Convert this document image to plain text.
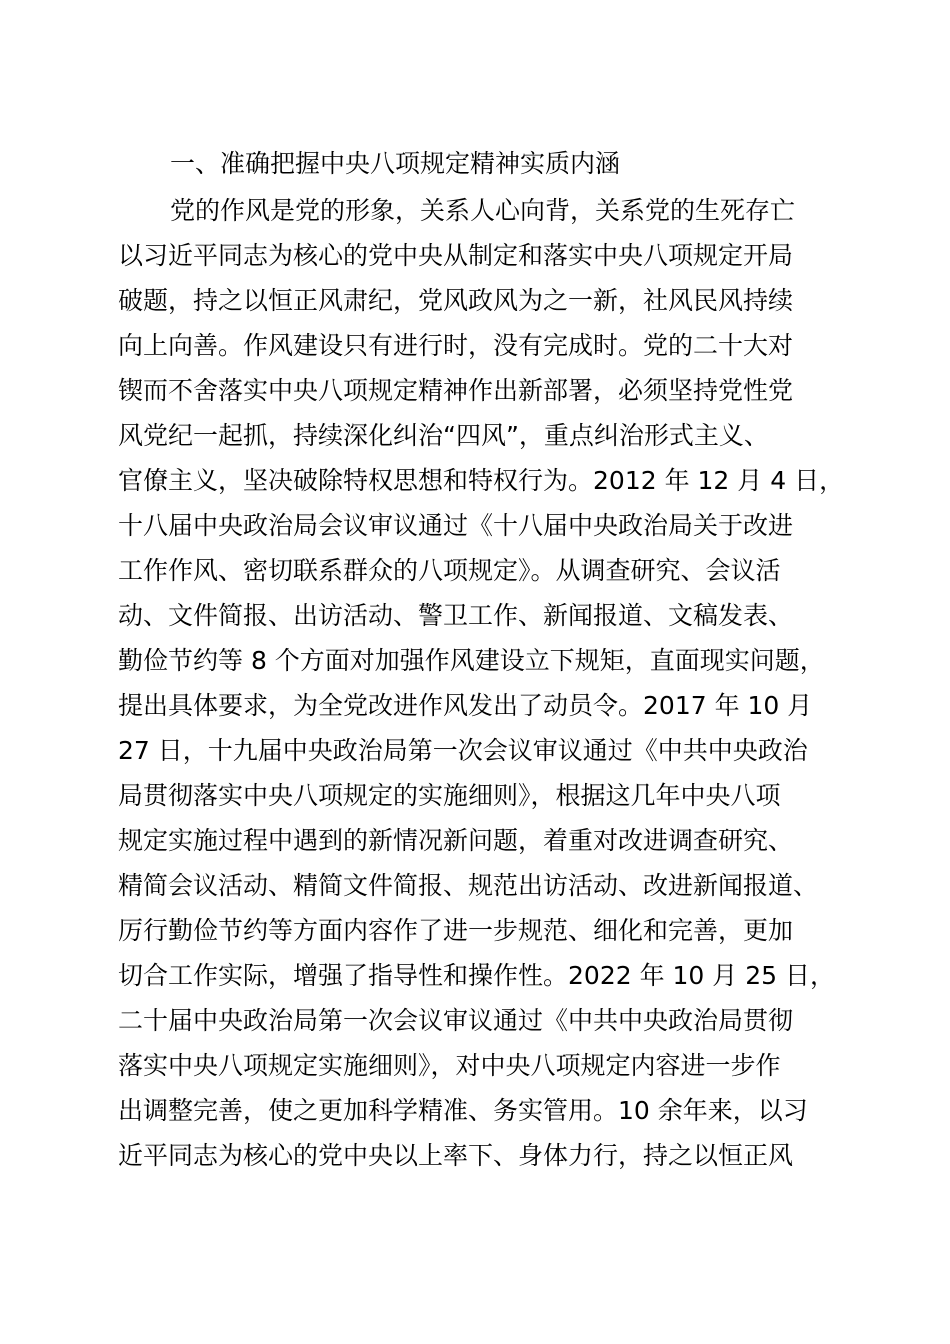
一、准确把握中央八项规定精神实质内涵
党的作风是党的形象，关系人心向背，关系党的生死存亡
以习近平同志为核心的党中央从制定和落实中央八项规定开局
破题，持之以恒正风肃纪，党风政风为之一新，社风民风持续
向上向善。作风建设只有进行时，没有完成时。党的二十大对
锲而不舍落实中央八项规定精神作出新部署，必须坚持党性党
风党纪一起抓，持续深化纠治“四风”，重点纠治形式主义、
官僚主义，坚决破除特权思想和特权行为。2012 年 12 月 4 日，
十八届中央政治局会议审议通过《十八届中央政治局关于改进
工作作风、密切联系群众的八项规定》。从调查研究、会议活
动、文件简报、出访活动、警卫工作、新闻报道、文稿发表、
勤俭节约等 8 个方面对加强作风建设立下规矩，直面现实问题，
提出具体要求，为全党改进作风发出了动员令。2017 年 10 月
27 日，十九届中央政治局第一次会议审议通过《中共中央政治
局贯彻落实中央八项规定的实施细则》，根据这几年中央八项
规定实施过程中遇到的新情况新问题，着重对改进调查研究、
精简会议活动、精简文件简报、规范出访活动、改进新闻报道、
厉行勤俭节约等方面内容作了进一步规范、细化和完善，更加
切合工作实际，增强了指导性和操作性。2022 年 10 月 25 日，
二十届中央政治局第一次会议审议通过《中共中央政治局贯彻
落实中央八项规定实施细则》，对中央八项规定内容进一步作
出调整完善，使之更加科学精准、务实管用。10 余年来，以习
近平同志为核心的党中央以上率下、身体力行，持之以恒正风
